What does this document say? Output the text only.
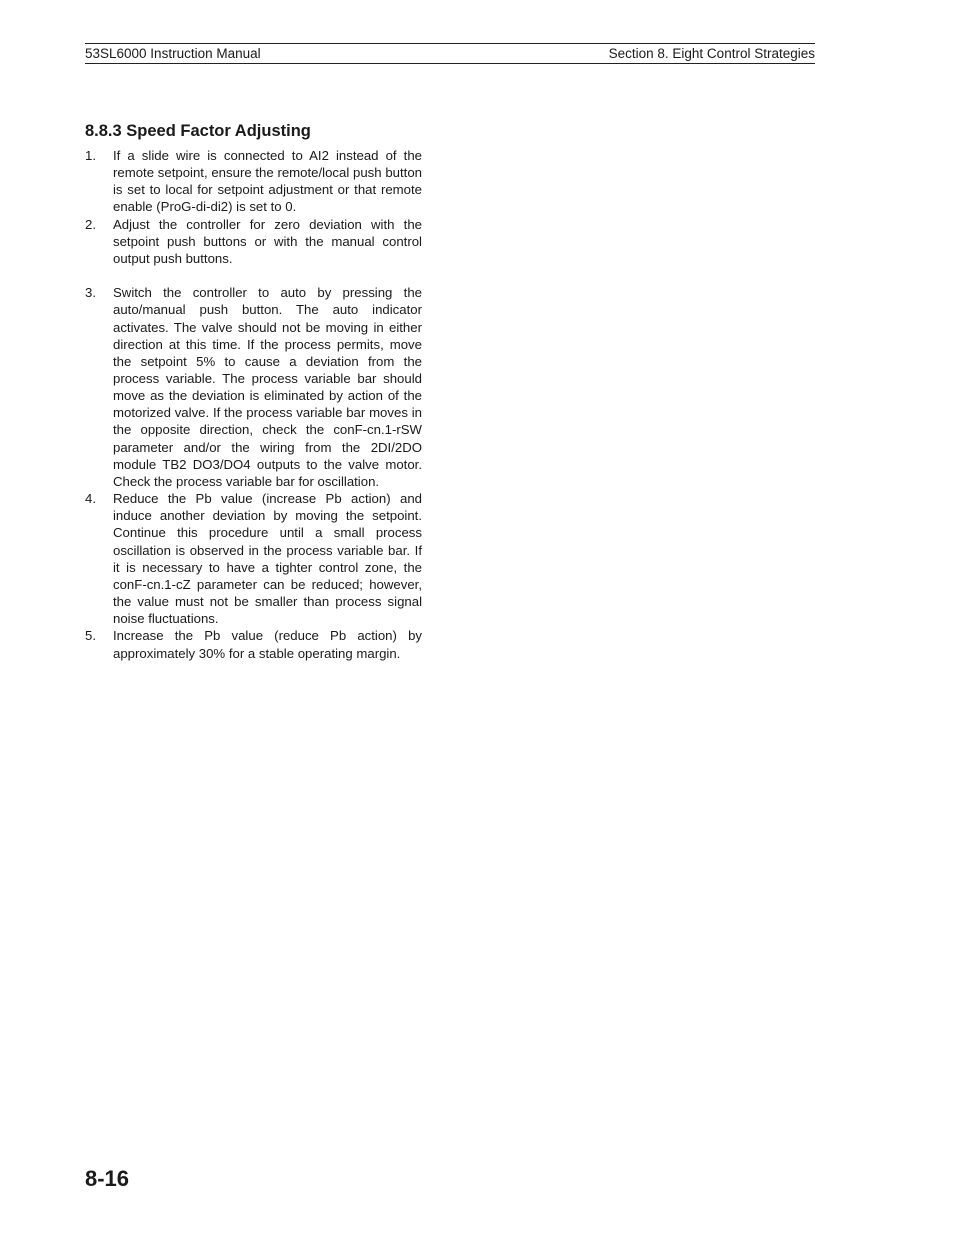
53SL6000 Instruction Manual	Section 8. Eight Control Strategies
8.8.3 Speed Factor Adjusting
1. If a slide wire is connected to AI2 instead of the remote setpoint, ensure the remote/local push button is set to local for setpoint adjustment or that remote enable (ProG-di-di2) is set to 0.
2. Adjust the controller for zero deviation with the setpoint push buttons or with the manual control output push buttons.
3. Switch the controller to auto by pressing the auto/manual push button. The auto indicator activates. The valve should not be moving in either direction at this time. If the process permits, move the setpoint 5% to cause a deviation from the process variable. The process variable bar should move as the deviation is eliminated by action of the motorized valve. If the process variable bar moves in the opposite direction, check the conF-cn.1-rSW parameter and/or the wiring from the 2DI/2DO module TB2 DO3/DO4 outputs to the valve motor. Check the process variable bar for oscillation.
4. Reduce the Pb value (increase Pb action) and induce another deviation by moving the setpoint. Continue this procedure until a small process oscillation is observed in the process variable bar. If it is necessary to have a tighter control zone, the conF-cn.1-cZ parameter can be reduced; however, the value must not be smaller than process signal noise fluctuations.
5. Increase the Pb value (reduce Pb action) by approximately 30% for a stable operating margin.
8-16
